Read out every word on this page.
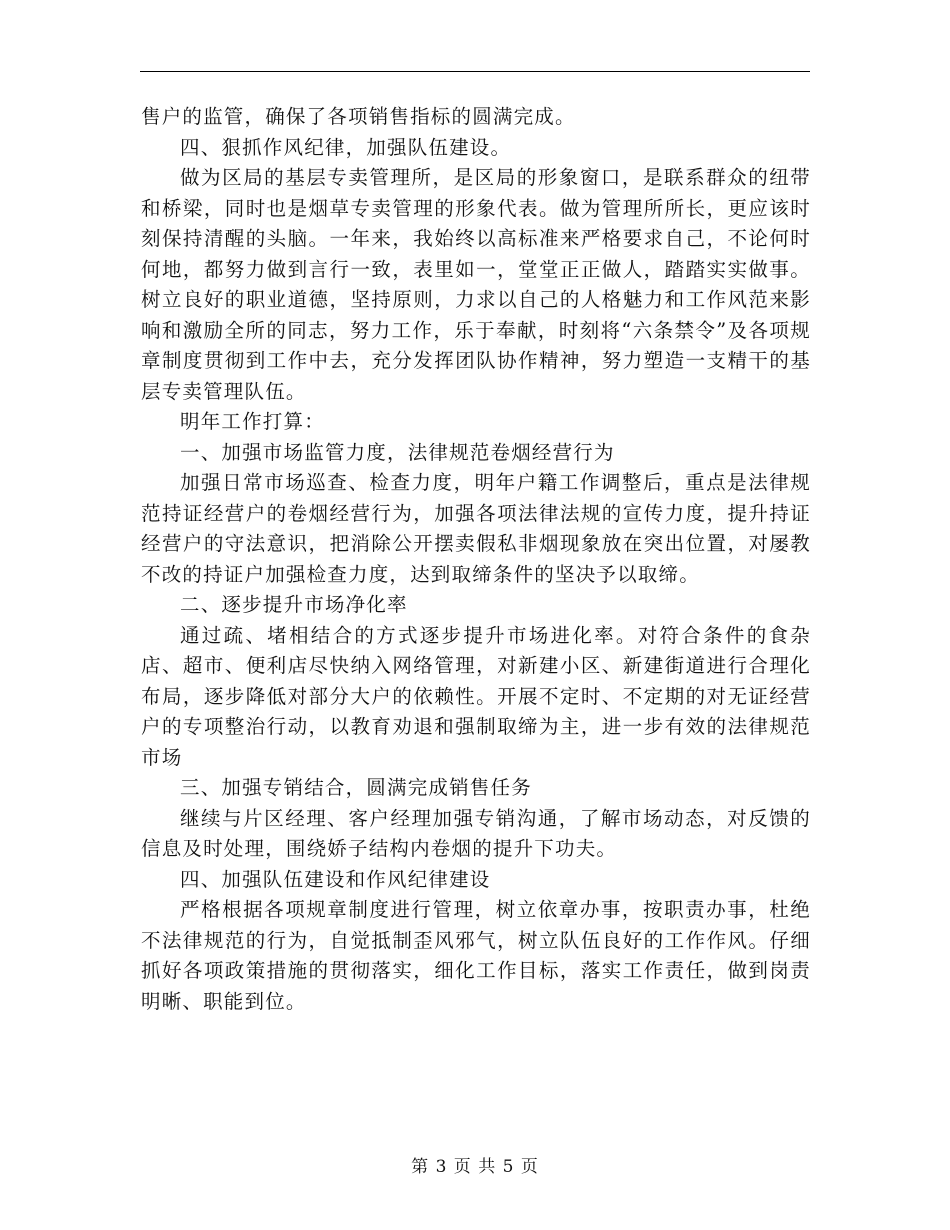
售户的监管，确保了各项销售指标的圆满完成。

四、狠抓作风纪律，加强队伍建设。

做为区局的基层专卖管理所，是区局的形象窗口，是联系群众的纽带和桥梁，同时也是烟草专卖管理的形象代表。做为管理所所长，更应该时刻保持清醒的头脑。一年来，我始终以高标准来严格要求自己，不论何时何地，都努力做到言行一致，表里如一，堂堂正正做人，踏踏实实做事。树立良好的职业道德，坚持原则，力求以自己的人格魅力和工作风范来影响和激励全所的同志，努力工作，乐于奉献，时刻将“六条禁令”及各项规章制度贯彻到工作中去，充分发挥团队协作精神，努力塑造一支精干的基层专卖管理队伍。

明年工作打算：

一、加强市场监管力度，法律规范卷烟经营行为

加强日常市场巡查、检查力度，明年户籍工作调整后，重点是法律规范持证经营户的卷烟经营行为，加强各项法律法规的宣传力度，提升持证经营户的守法意识，把消除公开摆卖假私非烟现象放在突出位置，对屡教不改的持证户加强检查力度，达到取缔条件的坚决予以取缔。

二、逐步提升市场净化率

通过疏、堵相结合的方式逐步提升市场进化率。对符合条件的食杂店、超市、便利店尽快纳入网络管理，对新建小区、新建街道进行合理化布局，逐步降低对部分大户的依赖性。开展不定时、不定期的对无证经营户的专项整治行动，以教育劝退和强制取缔为主，进一步有效的法律规范市场

三、加强专销结合，圆满完成销售任务

继续与片区经理、客户经理加强专销沟通，了解市场动态，对反馈的信息及时处理，围绕娇子结构内卷烟的提升下功夫。

四、加强队伍建设和作风纪律建设

严格根据各项规章制度进行管理，树立依章办事，按职责办事，杜绝不法律规范的行为，自觉抵制歪风邪气，树立队伍良好的工作作风。仔细抓好各项政策措施的贯彻落实，细化工作目标，落实工作责任，做到岗责明晰、职能到位。

第 3 页 共 5 页
